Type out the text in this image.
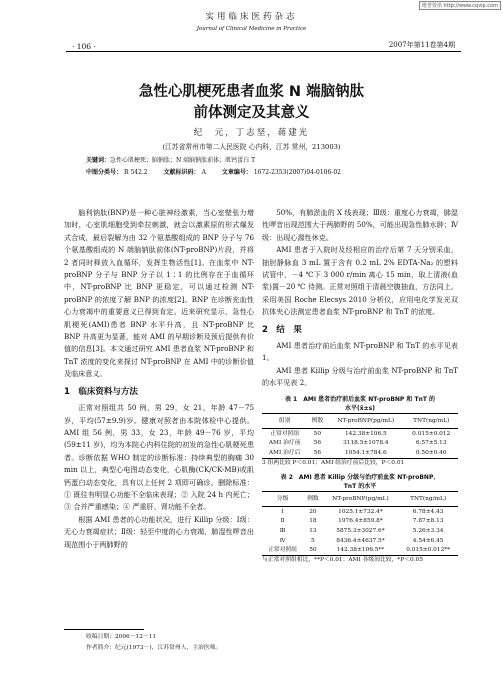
维普资讯 http://www.cqvip.com
实用临床医药杂志
Journal of Clinical Medicine in Practice
· 106 ·	2007年第11卷第4期
急性心肌梗死患者血浆 N 端脑钠肽
前体测定及其意义
纪　元，丁志坚，蒋建光
(江苏省常州市第二人民医院 心内科，江苏 常州，213003)
关键词：急性心肌梗死；脑钠肽；N 端脑钠肽前体；肌钙蛋白 T
中图分类号： R 542.2	文献标识码： A	文章编号： 1672-2353(2007)04-0106-02

脑利钠肽(BNP)是一种心脏神经激素，当心室壁张力增加时，心室肌细胞受到牵拉刺激，就会以激素原的形式爆发式合成，最后裂解为由 32 个氨基酸组成的 BNP 分子与 76 个氨基酸组成的 N 端脑钠肽前体(NT-proBNP)片段，并将 2 者同时释放入血循环，发挥生物活性[1]。在血浆中 NT-proBNP 分子与 BNP 分子以 1∶1 的比例存在于血循环中，NT-proBNP 比 BNP 更稳定，可以通过检测 NT-proBNP 的浓度了解 BNP 的浓度[2]。BNP 在诊断充血性心力衰竭中的重要意义已得到肯定。近来研究显示，急性心肌梗死(AMI)患者 BNP 水平升高，且 NT-proBNP 比 BNP 升高更为显著，能对 AMI 的早期诊断及预后提供有价值的信息[3]。本文通过研究 AMI 患者血浆 NT-proBNP 和 TnT 浓度的变化来探讨 NT-proBNP 在 AMI 中的诊断价值及临床意义。

1　临床资料与方法

正常对照组共 50 例，男 29，女 21，年龄 47－75 岁，平均(57±9.9)岁。健康对照者由本院体检中心提供。AMI 组 56 例，男 33，女 23，年龄 49－76 岁，平均(59±11 岁)，均为本院心内科住院的初发的急性心肌梗死患者。诊断依据 WHO 制定的诊断标准：持续典型的胸痛 30 min 以上，典型心电图动态变化，心肌酶(CK/CK-MB)或肌钙蛋白动态变化，具有以上任何 2 项即可确诊。删除标准：① 既往有明显心功能不全临床表现；② 入院 24 h 内死亡；③ 合并严重感染；④ 严重肝、肾功能不全者。

根据 AMI 患者的心功能状况，进行 Killip 分级：Ⅰ级：无心力衰竭症状；Ⅱ级：轻至中度的心力衰竭，肺湿性啰音出现范围小于两肺野的

50%，有肺淤血的 X 线表现；Ⅲ级：重度心力衰竭，肺湿性啰音出现范围大于两肺野的 50%，可能出现急性肺水肿；Ⅳ级：出现心源性休克。

AMI 患者于入院时及经相应的治疗后第 7 天分别采血，抽肘静脉血 3 mL 置于含有 0.2 mL 2% EDTA-Na₂ 的塑料试管中，－4 ℃下 3 000 r/min 离心 15 min，取上清液(血浆)置－20 ℃ 待测。正常对照组于清晨空腹抽血，方法同上。采用美国 Roche Elecsys 2010 分析仪，应用电化学发光双抗体夹心法测定患者血浆 NT-proBNP 和 TnT 的浓度。

2　结　果

AMI 患者治疗前后血浆 NT-proBNP 和 TnT 的水平见表 1。

AMI 患者 Killip 分级与治疗前血浆 NT-proBNP 和 TnT 的水平见表 2。

表 1　AMI 患者治疗前后血浆 NT-proBNP 和 TnT 的
水平(x̄±s)
组别	例数	NT-proBNP(pg/mL)	TNT(ng/mL)
正常对照组	50	142.38±106.5	0.015±0.012
AMI 治疗前	56	3118.5±1078.4	6.57±5.13
AMI 治疗后	56	1054.1±784.6	0.50±0.46
3 组两比较 P＜0.01；AMI 组治疗前后比较，P＜0.01
表 2　AMI 患者 Killip 分级与治疗前血浆 NT-proBNP、
TnT 的水平
分级	例数	NT-proBNP(pg/mL)	TNT(ng/mL)
Ⅰ	20	1025.1±732.4*	6.78±4.43
Ⅱ	18	1976.4±859.8*	7.87±8.13
Ⅲ	13	5875.3±3027.6*	5.26±3.34
Ⅳ	5	8436.4±4637.5*	4.54±6.45
正常对照组	50	142.38±106.5**	0.015±0.012**
与正常对照组相比，**P＜0.01；AMI 各级间比较，*P＜0.05
收稿日期：2006－12－11
作者简介：纪元(1973－)，江苏常州人，主治医师。
